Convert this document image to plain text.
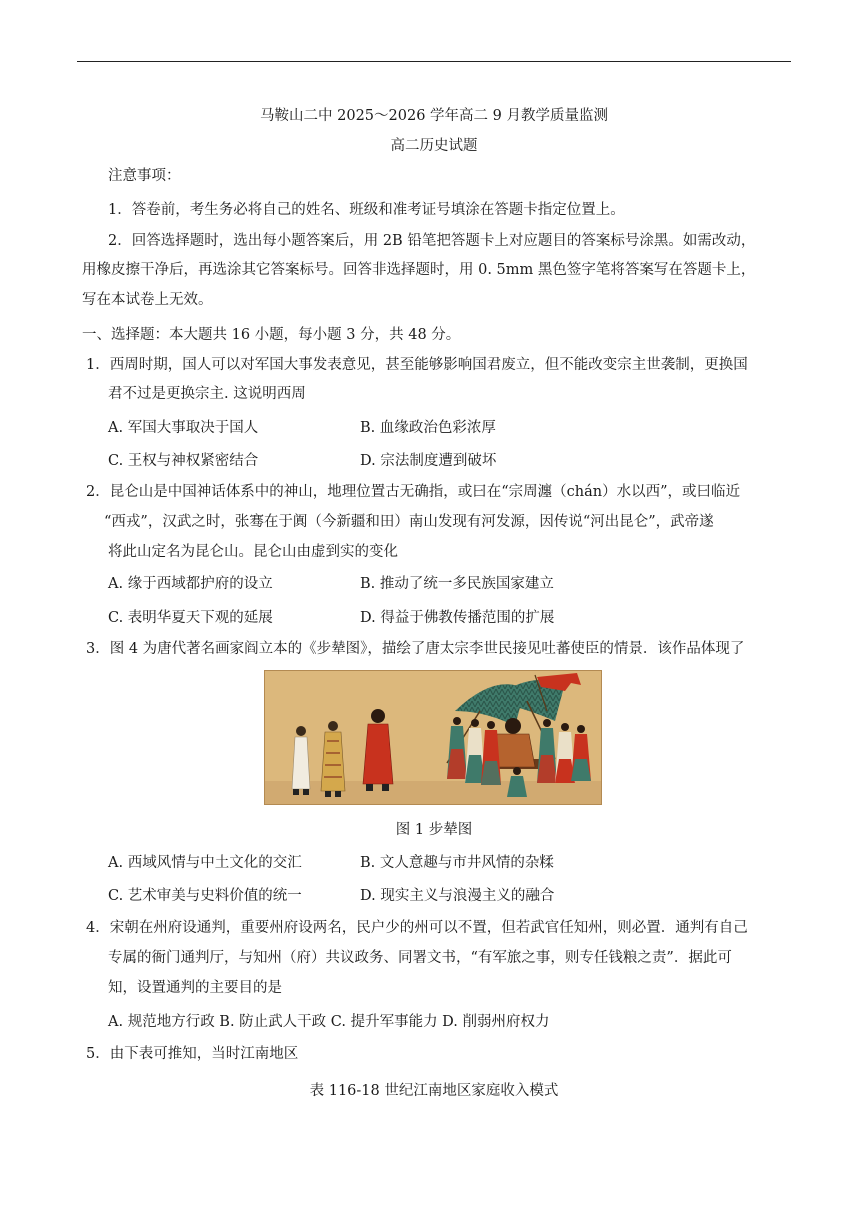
马鞍山二中 2025～2026 学年高二 9 月教学质量监测
高二历史试题
注意事项：
1．答卷前，考生务必将自己的姓名、班级和准考证号填涂在答题卡指定位置上。
2．回答选择题时，选出每小题答案后，用 2B 铅笔把答题卡上对应题目的答案标号涂黑。如需改动，
用橡皮擦干净后，再选涂其它答案标号。回答非选择题时，用 0. 5mm 黑色签字笔将答案写在答题卡上，
写在本试卷上无效。
一、选择题：本大题共 16 小题，每小题 3 分，共 48 分。
1．西周时期，国人可以对军国大事发表意见，甚至能够影响国君废立，但不能改变宗主世袭制，更换国
君不过是更换宗主. 这说明西周
A. 军国大事取决于国人	B. 血缘政治色彩浓厚
C. 王权与神权紧密结合	D. 宗法制度遭到破坏
2．昆仑山是中国神话体系中的神山，地理位置古无确指，或曰在“宗周瀍（chán）水以西”，或曰临近
“西戎”，汉武之时，张骞在于阗（今新疆和田）南山发现有河发源，因传说“河出昆仑”，武帝遂
将此山定名为昆仑山。昆仑山由虚到实的变化
A. 缘于西域都护府的设立	B. 推动了统一多民族国家建立
C. 表明华夏天下观的延展	D. 得益于佛教传播范围的扩展
3．图 4 为唐代著名画家阎立本的《步辇图》，描绘了唐太宗李世民接见吐蕃使臣的情景．该作品体现了
图 1 步辇图
A. 西域风情与中土文化的交汇	B. 文人意趣与市井风情的杂糅
C. 艺术审美与史料价值的统一	D. 现实主义与浪漫主义的融合
4．宋朝在州府设通判，重要州府设两名，民户少的州可以不置，但若武官任知州，则必置．通判有自己
专属的衙门通判厅，与知州（府）共议政务、同署文书，“有军旅之事，则专任钱粮之责”．据此可
知，设置通判的主要目的是
A. 规范地方行政 B. 防止武人干政 C. 提升军事能力 D. 削弱州府权力
5．由下表可推知，当时江南地区
表 116-18 世纪江南地区家庭收入模式
